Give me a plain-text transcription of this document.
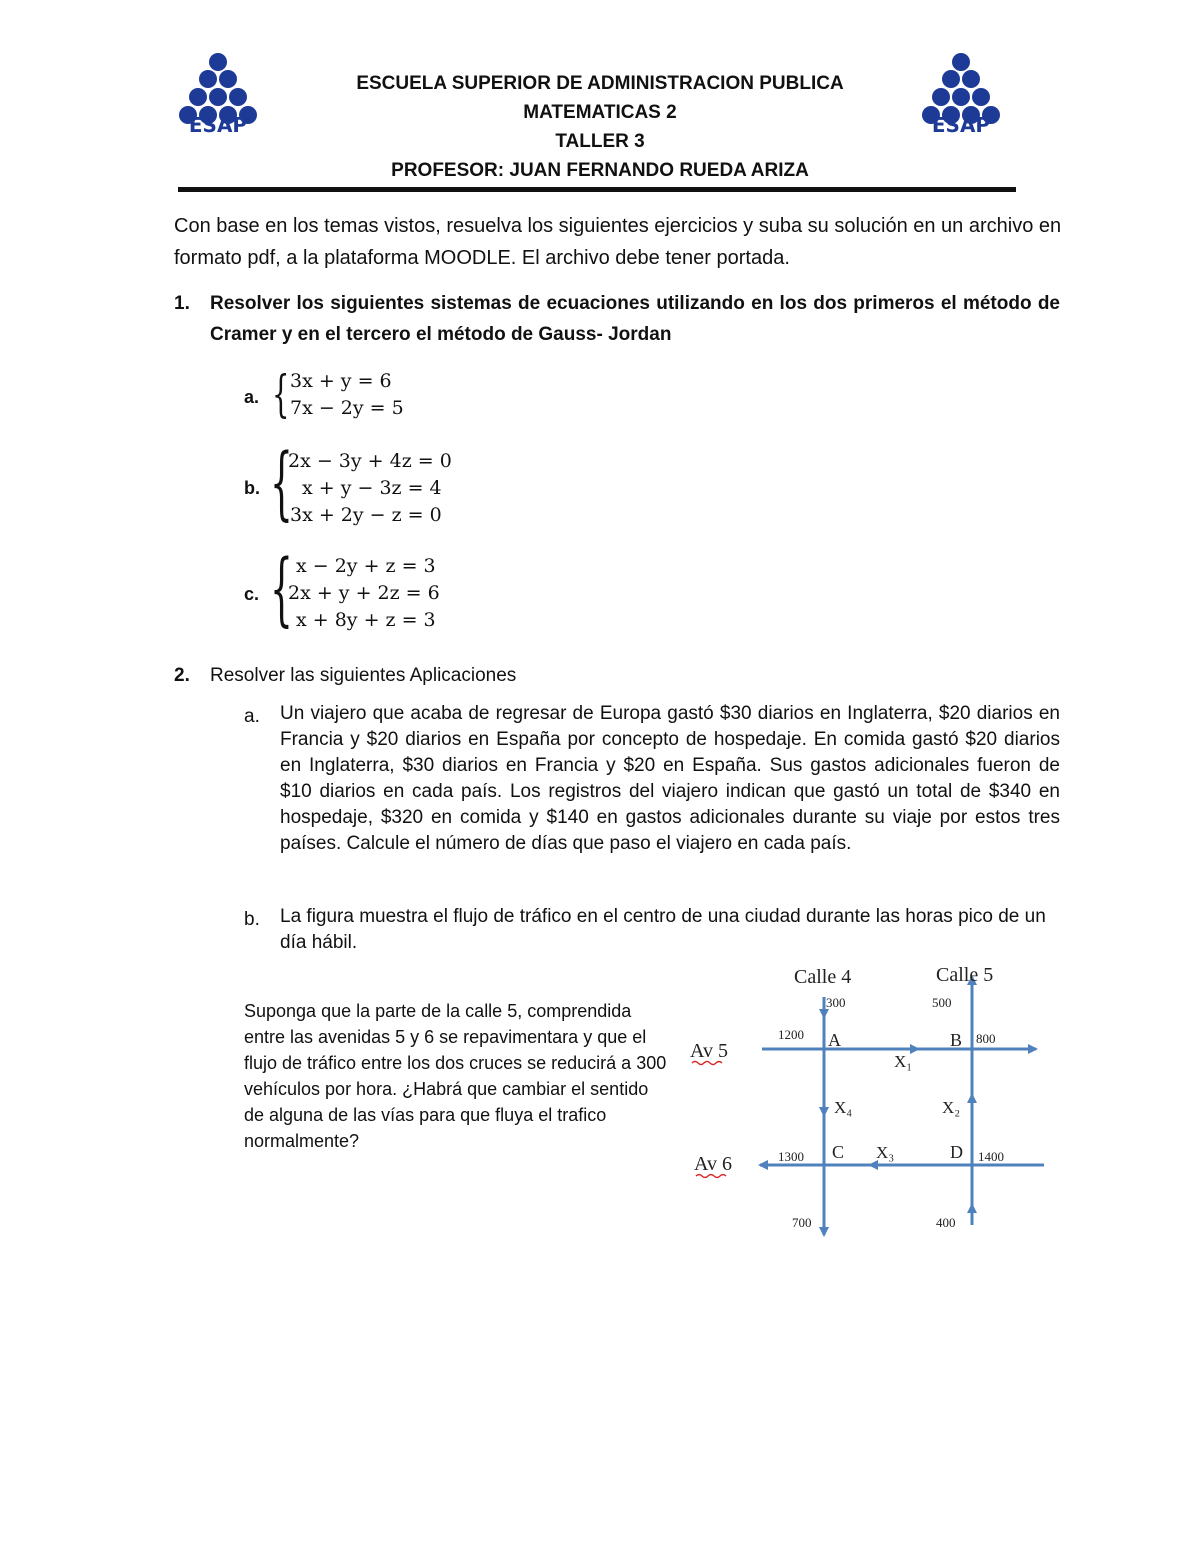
ESAP	ESAP
ESCUELA SUPERIOR DE ADMINISTRACION PUBLICA
MATEMATICAS 2
TALLER 3
PROFESOR: JUAN FERNANDO RUEDA ARIZA
Con base en los temas vistos, resuelva los siguientes ejercicios y suba su solución en un archivo en formato pdf, a la plataforma MOODLE. El archivo debe tener portada.
1. Resolver los siguientes sistemas de ecuaciones utilizando en los dos primeros el método de Cramer y en el tercero el método de Gauss- Jordan
a. { 3x + y = 6
7x − 2y = 5
b. {
2x − 3y + 4z = 0
x + y − 3z = 4
3x + 2y − z = 0
c. { x − 2y + z = 3
2x + y + 2z = 6
x + 8y + z = 3
2. Resolver las siguientes Aplicaciones
a. Un viajero que acaba de regresar de Europa gastó $30 diarios en Inglaterra, $20 diarios en Francia y $20 diarios en España por concepto de hospedaje. En comida gastó $20 diarios en Inglaterra, $30 diarios en Francia y $20 en España. Sus gastos adicionales fueron de $10 diarios en cada país. Los registros del viajero indican que gastó un total de $340 en hospedaje, $320 en comida y $140 en gastos adicionales durante su viaje por estos tres países. Calcule el número de días que paso el viajero en cada país.
b. La figura muestra el flujo de tráfico en el centro de una ciudad durante las horas pico de un día hábil.
Suponga que la parte de la calle 5, comprendida entre las avenidas 5 y 6 se repavimentara y que el flujo de tráfico entre los dos cruces se reducirá a 300 vehículos por hora. ¿Habrá que cambiar el sentido de alguna de las vías para que fluya el trafico normalmente?
Calle 4	Calle 5
Av 5
Av 6
A	B
C	D
300	500
1200	800
1300	1400
700	400
X₁
X₂
X₃
X₄
